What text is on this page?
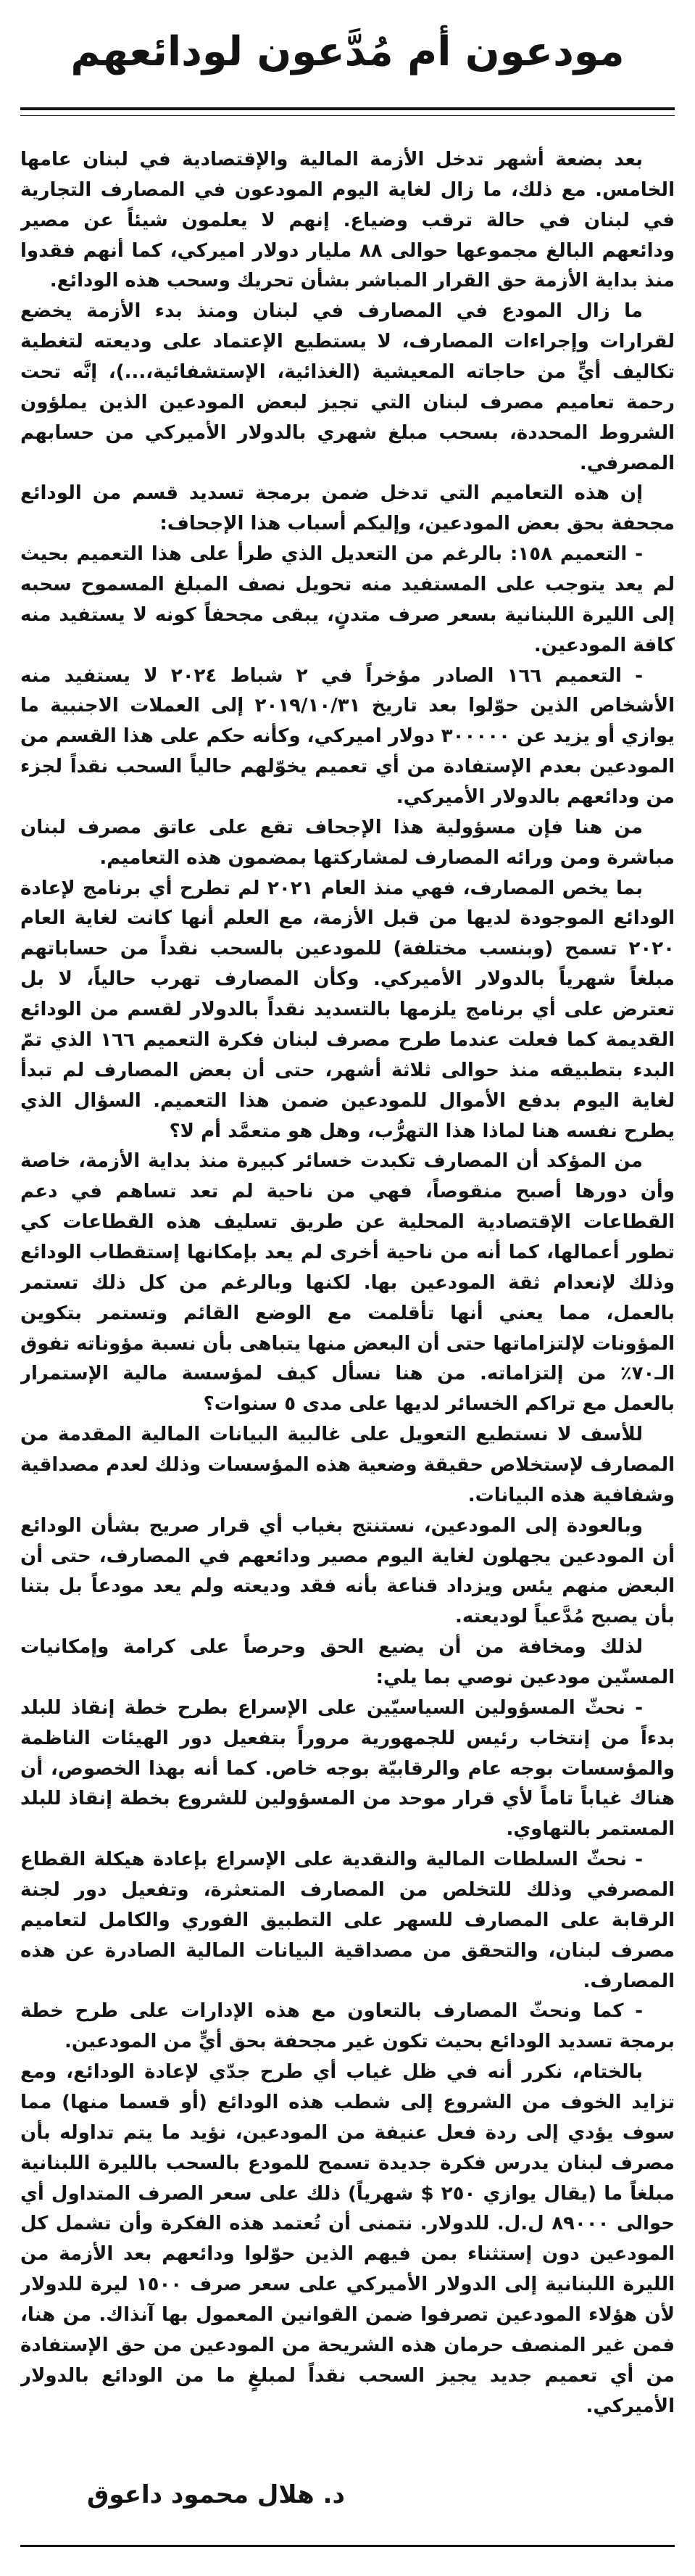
مودعون أم مُدَّعون لودائعهم

بعد بضعة أشهر تدخل الأزمة المالية والإقتصادية في لبنان عامها الخامس. مع ذلك، ما زال لغاية اليوم المودعون في المصارف التجارية في لبنان في حالة ترقب وضياع. إنهم لا يعلمون شيئاً عن مصير ودائعهم البالغ مجموعها حوالى ٨٨ مليار دولار اميركي، كما أنهم فقدوا منذ بداية الأزمة حق القرار المباشر بشأن تحريك وسحب هذه الودائع.

ما زال المودع في المصارف في لبنان ومنذ بدء الأزمة يخضع لقرارات وإجراءات المصارف، لا يستطيع الإعتماد على وديعته لتغطية تكاليف أيٍّ من حاجاته المعيشية (الغذائية، الإستشفائية،...)، إنَّه تحت رحمة تعاميم مصرف لبنان التي تجيز لبعض المودعين الذين يملؤون الشروط المحددة، بسحب مبلغ شهري بالدولار الأميركي من حسابهم المصرفي.

إن هذه التعاميم التي تدخل ضمن برمجة تسديد قسم من الودائع مجحفة بحق بعض المودعين، وإليكم أسباب هذا الإجحاف:

- التعميم ١٥٨: بالرغم من التعديل الذي طرأ على هذا التعميم بحيث لم يعد يتوجب على المستفيد منه تحويل نصف المبلغ المسموح سحبه إلى الليرة اللبنانية بسعر صرف متدنٍ، يبقى مجحفاً كونه لا يستفيد منه كافة المودعين.

- التعميم ١٦٦ الصادر مؤخراً في ٢ شباط ٢٠٢٤ لا يستفيد منه الأشخاص الذين حوّلوا بعد تاريخ ٢٠١٩/١٠/٣١ إلى العملات الاجنبية ما يوازي أو يزيد عن ٣٠٠٠٠٠ دولار اميركي، وكأنه حكم على هذا القسم من المودعين بعدم الإستفادة من أي تعميم يخوّلهم حالياً السحب نقداً لجزء من ودائعهم بالدولار الأميركي.

من هنا فإن مسؤولية هذا الإجحاف تقع على عاتق مصرف لبنان مباشرة ومن ورائه المصارف لمشاركتها بمضمون هذه التعاميم.

بما يخص المصارف، فهي منذ العام ٢٠٢١ لم تطرح أي برنامج لإعادة الودائع الموجودة لديها من قبل الأزمة، مع العلم أنها كانت لغاية العام ٢٠٢٠ تسمح (وبنسب مختلفة) للمودعين بالسحب نقداً من حساباتهم مبلغاً شهرياً بالدولار الأميركي. وكأن المصارف تهرب حالياً، لا بل تعترض على أي برنامج يلزمها بالتسديد نقداً بالدولار لقسم من الودائع القديمة كما فعلت عندما طرح مصرف لبنان فكرة التعميم ١٦٦ الذي تمّ البدء بتطبيقه منذ حوالى ثلاثة أشهر، حتى أن بعض المصارف لم تبدأ لغاية اليوم بدفع الأموال للمودعين ضمن هذا التعميم. السؤال الذي يطرح نفسه هنا لماذا هذا التهرُّب، وهل هو متعمَّد أم لا؟

من المؤكد أن المصارف تكبدت خسائر كبيرة منذ بداية الأزمة، خاصة وأن دورها أصبح منقوصاً، فهي من ناحية لم تعد تساهم في دعم القطاعات الإقتصادية المحلية عن طريق تسليف هذه القطاعات كي تطور أعمالها، كما أنه من ناحية أخرى لم يعد بإمكانها إستقطاب الودائع وذلك لإنعدام ثقة المودعين بها. لكنها وبالرغم من كل ذلك تستمر بالعمل، مما يعني أنها تأقلمت مع الوضع القائم وتستمر بتكوين المؤونات لإلتزاماتها حتى أن البعض منها يتباهى بأن نسبة مؤوناته تفوق الـ٧٠٪ من إلتزاماته. من هنا نسأل كيف لمؤسسة مالية الإستمرار بالعمل مع تراكم الخسائر لديها على مدى ٥ سنوات؟

للأسف لا نستطيع التعويل على غالبية البيانات المالية المقدمة من المصارف لإستخلاص حقيقة وضعية هذه المؤسسات وذلك لعدم مصداقية وشفافية هذه البيانات.

وبالعودة إلى المودعين، نستنتج بغياب أي قرار صريح بشأن الودائع أن المودعين يجهلون لغاية اليوم مصير ودائعهم في المصارف، حتى أن البعض منهم يئس ويزداد قناعة بأنه فقد وديعته ولم يعد مودعاً بل بتنا بأن يصبح مُدَّعياً لوديعته.

لذلك ومخافة من أن يضيع الحق وحرصاً على كرامة وإمكانيات المسنّين مودعين نوصي بما يلي:

- نحثّ المسؤولين السياسيّين على الإسراع بطرح خطة إنقاذ للبلد بدءاً من إنتخاب رئيس للجمهورية مروراً بتفعيل دور الهيئات الناظمة والمؤسسات بوجه عام والرقابيّة بوجه خاص. كما أنه بهذا الخصوص، أن هناك غياباً تاماً لأي قرار موحد من المسؤولين للشروع بخطة إنقاذ للبلد المستمر بالتهاوي.

- نحثّ السلطات المالية والنقدية على الإسراع بإعادة هيكلة القطاع المصرفي وذلك للتخلص من المصارف المتعثرة، وتفعيل دور لجنة الرقابة على المصارف للسهر على التطبيق الفوري والكامل لتعاميم مصرف لبنان، والتحقق من مصداقية البيانات المالية الصادرة عن هذه المصارف.

- كما ونحثّ المصارف بالتعاون مع هذه الإدارات على طرح خطة برمجة تسديد الودائع بحيث تكون غير مجحفة بحق أيٍّ من المودعين.

بالختام، نكرر أنه في ظل غياب أي طرح جدّي لإعادة الودائع، ومع تزايد الخوف من الشروع إلى شطب هذه الودائع (أو قسما منها) مما سوف يؤدي إلى ردة فعل عنيفة من المودعين، نؤيد ما يتم تداوله بأن مصرف لبنان يدرس فكرة جديدة تسمح للمودع بالسحب بالليرة اللبنانية مبلغاً ما (يقال يوازي ٢٥٠ $ شهرياً) ذلك على سعر الصرف المتداول أي حوالى ٨٩٠٠٠ ل.ل. للدولار. نتمنى أن تُعتمد هذه الفكرة وأن تشمل كل المودعين دون إستثناء بمن فيهم الذين حوّلوا ودائعهم بعد الأزمة من الليرة اللبنانية إلى الدولار الأميركي على سعر صرف ١٥٠٠ ليرة للدولار لأن هؤلاء المودعين تصرفوا ضمن القوانين المعمول بها آنذاك. من هنا، فمن غير المنصف حرمان هذه الشريحة من المودعين من حق الإستفادة من أي تعميم جديد يجيز السحب نقداً لمبلغٍ ما من الودائع بالدولار الأميركي.

د. هلال محمود داعوق
